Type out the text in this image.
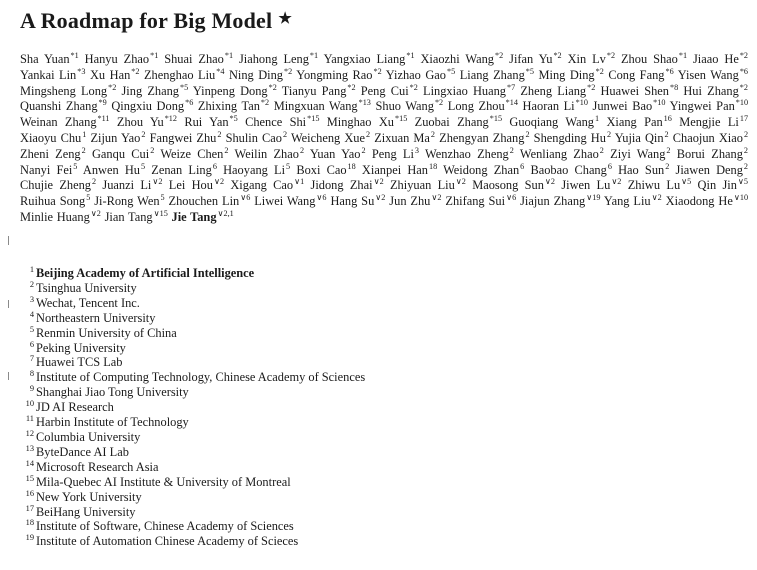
A Roadmap for Big Model ★
Sha Yuan$^{*1}$ Hanyu Zhao$^{*1}$ Shuai Zhao$^{*1}$ Jiahong Leng$^{*1}$ Yangxiao Liang$^{*1}$ Xiaozhi Wang$^{*2}$ Jifan Yu$^{*2}$ Xin Lv$^{*2}$ Zhou Shao$^{*1}$ Jiaao He$^{*2}$ Yankai Lin$^{*3}$ Xu Han$^{*2}$ Zhenghao Liu$^{*4}$ Ning Ding$^{*2}$ Yongming Rao$^{*2}$ Yizhao Gao$^{*5}$ Liang Zhang$^{*5}$ Ming Ding$^{*2}$ Cong Fang$^{*6}$ Yisen Wang$^{*6}$ Mingsheng Long$^{*2}$ Jing Zhang$^{*5}$ Yinpeng Dong$^{*2}$ Tianyu Pang$^{*2}$ Peng Cui$^{*2}$ Lingxiao Huang$^{*7}$ Zheng Liang$^{*2}$ Huawei Shen$^{*8}$ Hui Zhang$^{*2}$ Quanshi Zhang$^{*9}$ Qingxiu Dong$^{*6}$ Zhixing Tan$^{*2}$ Mingxuan Wang$^{*13}$ Shuo Wang$^{*2}$ Long Zhou$^{*14}$ Haoran Li$^{*10}$ Junwei Bao$^{*10}$ Yingwei Pan$^{*10}$ Weinan Zhang$^{*11}$ Zhou Yu$^{*12}$ Rui Yan$^{*5}$ Chence Shi$^{*15}$ Minghao Xu$^{*15}$ Zuobai Zhang$^{*15}$ Guoqiang Wang$^1$ Xiang Pan$^{16}$ Mengjie Li$^{17}$ Xiaoyu Chu$^1$ Zijun Yao$^2$ Fangwei Zhu$^2$ Shulin Cao$^2$ Weicheng Xue$^2$ Zixuan Ma$^2$ Zhengyan Zhang$^2$ Shengding Hu$^2$ Yujia Qin$^2$ Chaojun Xiao$^2$ Zheni Zeng$^2$ Ganqu Cui$^2$ Weize Chen$^2$ Weilin Zhao$^2$ Yuan Yao$^2$ Peng Li$^3$ Wenzhao Zheng$^2$ Wenliang Zhao$^2$ Ziyi Wang$^2$ Borui Zhang$^2$ Nanyi Fei$^5$ Anwen Hu$^5$ Zenan Ling$^6$ Haoyang Li$^5$ Boxi Cao$^{18}$ Xianpei Han$^{18}$ Weidong Zhan$^6$ Baobao Chang$^6$ Hao Sun$^2$ Jiawen Deng$^2$ Chujie Zheng$^2$ Juanzi $Li^{\vee 2}$ Lei Hou$^{\vee 2}$ Xigang Cao$^{\vee 1}$ Jidong Zhai$^{\vee 2}$ Zhiyuan Liu$^{\vee 2}$ Maosong Sun$^{\vee 2}$ Jiwen $Lu^{\vee 2}$ Zhiwu $Lu^{\vee 5}$ Qin Jin$^{\vee 5}$ Ruihua Song$^5$ Ji-Rong Wen$^5$ Zhouchen Lin$^{\vee 6}$ Liwei Wang$^{\vee 6}$ Hang $Su^{\vee 2}$ Jun Zhu$^{\vee 2}$ Zhifang Sui$^{\vee 6}$ Jiajun Zhang$^{\vee 19}$ Yang Liu$^{\vee 2}$ Xiaodong $He^{\vee 10}$ Minlie Huang$^{\vee 2}$ Jian Tang$^{\vee 15}$ Jie Tang$^{\vee 2,1}$
1 Beijing Academy of Artificial Intelligence
2 Tsinghua University
3 Wechat, Tencent Inc.
4 Northeastern University
5 Renmin University of China
6 Peking University
7 Huawei TCS Lab
8 Institute of Computing Technology, Chinese Academy of Sciences
9 Shanghai Jiao Tong University
10 JD AI Research
11 Harbin Institute of Technology
12 Columbia University
13 ByteDance AI Lab
14 Microsoft Research Asia
15 Mila-Quebec AI Institute & University of Montreal
16 New York University
17 BeiHang University
18 Institute of Software, Chinese Academy of Sciences
19 Institute of Automation Chinese Academy of Scieces
